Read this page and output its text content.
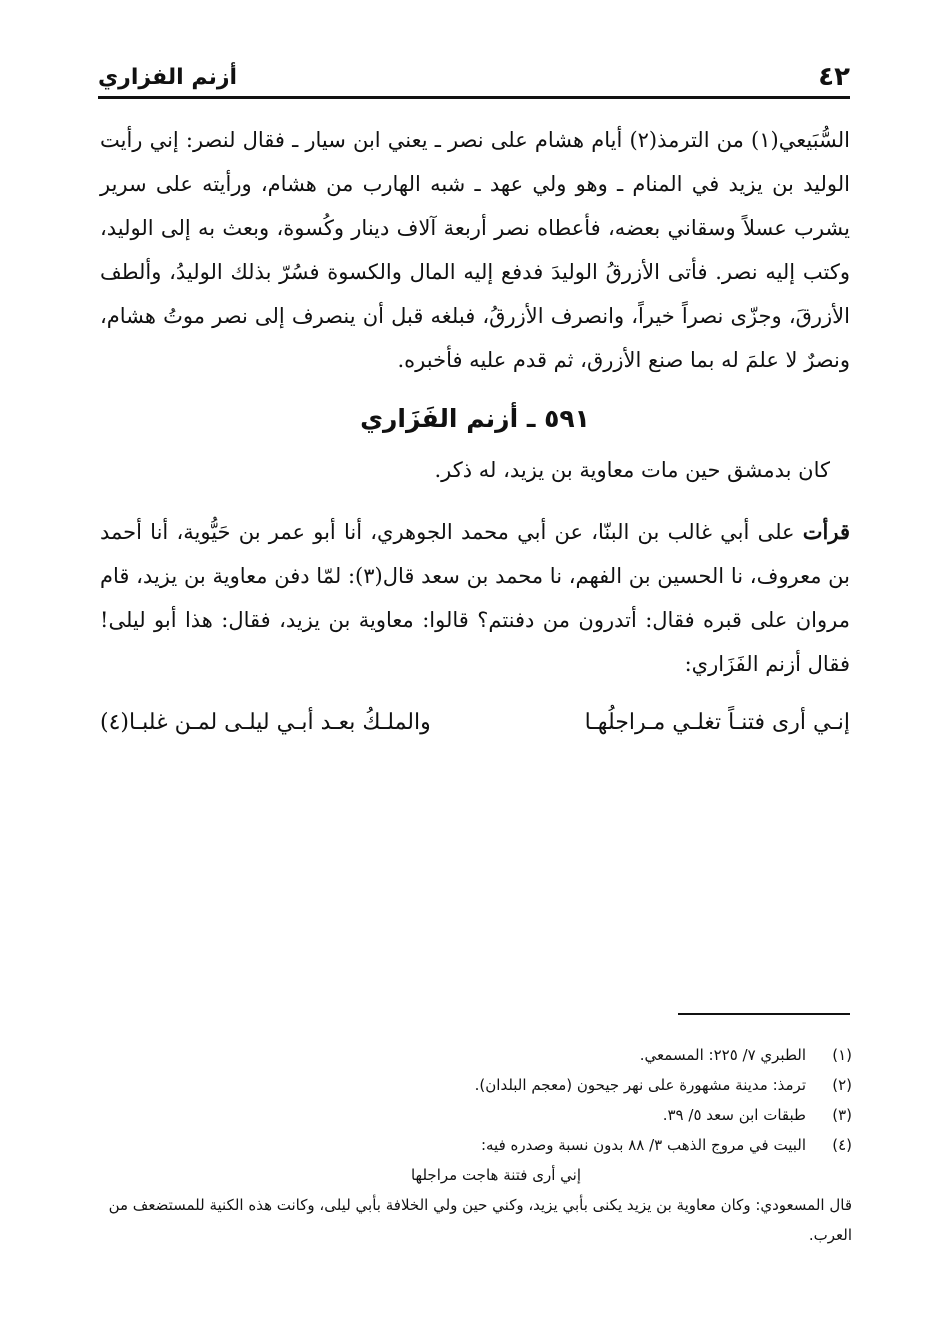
٤٢
أزنم الفزاري

السُّبَيعي(١) من الترمذ(٢) أيام هشام على نصر ـ يعني ابن سيار ـ فقال لنصر: إني رأيت الوليد بن يزيد في المنام ـ وهو ولي عهد ـ شبه الهارب من هشام، ورأيته على سرير يشرب عسلاً وسقاني بعضه، فأعطاه نصر أربعة آلاف دينار وكُسوة، وبعث به إلى الوليد، وكتب إليه نصر. فأتى الأزرقُ الوليدَ فدفع إليه المال والكسوة فسُرّ بذلك الوليدُ، وألطف الأزرقَ، وجزّى نصراً خيراً، وانصرف الأزرقُ، فبلغه قبل أن ينصرف إلى نصر موتُ هشام، ونصرٌ لا علمَ له بما صنع الأزرق، ثم قدم عليه فأخبره.

٥٩١ ـ أزنم الفَزَاري

كان بدمشق حين مات معاوية بن يزيد، له ذكر.

قرأت على أبي غالب بن البنّا، عن أبي محمد الجوهري، أنا أبو عمر بن حَيُّوية، أنا أحمد بن معروف، نا الحسين بن الفهم، نا محمد بن سعد قال(٣): لمّا دفن معاوية بن يزيد، قام مروان على قبره فقال: أتدرون من دفنتم؟ قالوا: معاوية بن يزيد، فقال: هذا أبو ليلى! فقال أزنم الفَزَاري:

إنـي أرى فتنـاً تغلـي مـراجلُهـا
والملـكُ بعـد أبـي ليلـى لمـن غلبـا(٤)
(١)
الطبري ٧/ ٢٢٥: المسمعي.
(٢)
ترمذ: مدينة مشهورة على نهر جيحون (معجم البلدان).
(٣)
طبقات ابن سعد ٥/ ٣٩.
(٤)
البيت في مروج الذهب ٣/ ٨٨ بدون نسبة وصدره فيه:
إني أرى فتنة هاجت مراجلها

قال المسعودي: وكان معاوية بن يزيد يكنى بأبي يزيد، وكني حين ولي الخلافة بأبي ليلى، وكانت هذه الكنية للمستضعف من العرب.
